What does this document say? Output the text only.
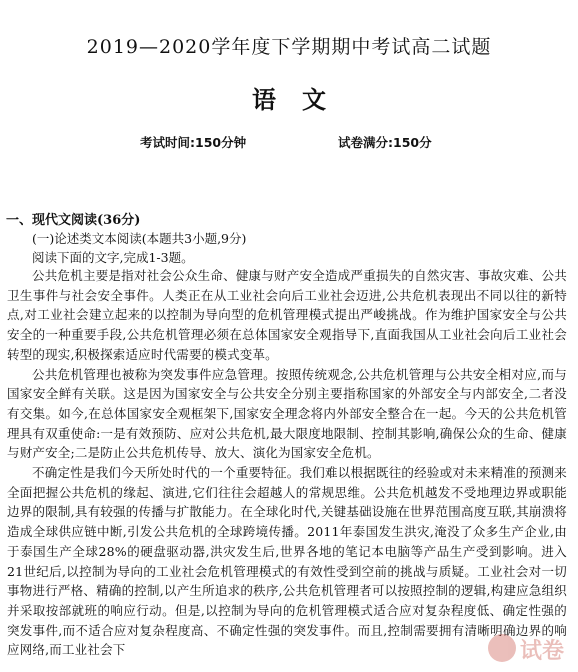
2019—2020学年度下学期期中考试高二试题
语文
考试时间:150分钟	试卷满分:150分
一、现代文阅读(36分)
(一)论述类文本阅读(本题共3小题,9分)
阅读下面的文字,完成1-3题。

公共危机主要是指对社会公众生命、健康与财产安全造成严重损失的自然灾害、事故灾难、公共卫生事件与社会安全事件。人类正在从工业社会向后工业社会迈进,公共危机表现出不同以往的新特点,对工业社会建立起来的以控制为导向型的危机管理模式提出严峻挑战。作为维护国家安全与公共安全的一种重要手段,公共危机管理必须在总体国家安全观指导下,直面我国从工业社会向后工业社会转型的现实,积极探索适应时代需要的模式变革。

公共危机管理也被称为突发事件应急管理。按照传统观念,公共危机管理与公共安全相对应,而与国家安全鲜有关联。这是因为国家安全与公共安全分别主要指称国家的外部安全与内部安全,二者没有交集。如今,在总体国家安全观框架下,国家安全理念将内外部安全整合在一起。今天的公共危机管理具有双重使命:一是有效预防、应对公共危机,最大限度地限制、控制其影响,确保公众的生命、健康与财产安全;二是防止公共危机传导、放大、演化为国家安全危机。

不确定性是我们今天所处时代的一个重要特征。我们难以根据既往的经验或对未来精准的预测来全面把握公共危机的缘起、演进,它们往往会超越人的常规思维。公共危机越发不受地理边界或职能边界的限制,具有较强的传播与扩散能力。在全球化时代,关键基础设施在世界范围高度互联,其崩溃将造成全球供应链中断,引发公共危机的全球跨境传播。2011年泰国发生洪灾,淹没了众多生产企业,由于泰国生产全球28%的硬盘驱动器,洪灾发生后,世界各地的笔记本电脑等产品生产受到影响。进入21世纪后,以控制为导向的工业社会危机管理模式的有效性受到空前的挑战与质疑。工业社会对一切事物进行严格、精确的控制,以产生所追求的秩序,公共危机管理者可以按照控制的逻辑,构建应急组织并采取按部就班的响应行动。但是,以控制为导向的危机管理模式适合应对复杂程度低、确定性强的突发事件,而不适合应对复杂程度高、不确定性强的突发事件。而且,控制需要拥有清晰明确边界的响应网络,而工业社会下	试卷
